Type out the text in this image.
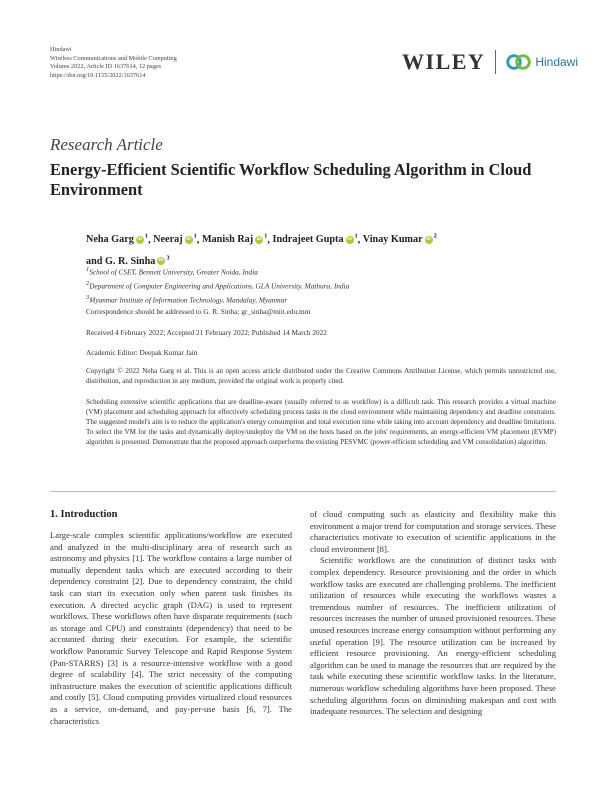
Hindawi
Wireless Communications and Mobile Computing
Volume 2022, Article ID 1637614, 12 pages
https://doi.org/10.1155/2022/1637614
WILEY	Hindawi
Research Article
Energy-Efficient Scientific Workflow Scheduling Algorithm in Cloud Environment
Neha Garg iD $^1$, Neeraj iD $^1$, Manish Raj iD $^1$, Indrajeet Gupta iD $^1$, Vinay Kumar iD $^2$
and G. R. Sinha iD $^3$
$^1$School of CSET, Bennett University, Greater Noida, India
$^2$Department of Computer Engineering and Applications, GLA University, Mathura, India
$^3$Myanmar Institute of Information Technology, Mandalay, Myanmar
Correspondence should be addressed to G. R. Sinha; gr_sinha@miit.edu.mm
Received 4 February 2022; Accepted 21 February 2022; Published 14 March 2022
Academic Editor: Deepak Kumar Jain
Copyright © 2022 Neha Garg et al. This is an open access article distributed under the Creative Commons Attribution License, which permits unrestricted use, distribution, and reproduction in any medium, provided the original work is properly cited.
Scheduling extensive scientific applications that are deadline-aware (usually referred to as workflow) is a difficult task. This research provides a virtual machine (VM) placement and scheduling approach for effectively scheduling process tasks in the cloud environment while maintaining dependency and deadline constraints. The suggested model's aim is to reduce the application's energy consumption and total execution time while taking into account dependency and deadline limitations. To select the VM for the tasks and dynamically deploy/undeploy the VM on the hosts based on the jobs' requirements, an energy-efficient VM placement (EVMP) algorithm is presented. Demonstrate that the proposed approach outperforms the existing PESVMC (power-efficient scheduling and VM consolidation) algorithm.
1. Introduction

Large-scale complex scientific applications/workflow are executed and analyzed in the multi-disciplinary area of research such as astronomy and physics [1]. The workflow contains a large number of mutually dependent tasks which are executed according to their dependency constraint [2]. Due to dependency constraint, the child task can start its execution only when parent task finishes its execution. A directed acyclic graph (DAG) is used to represent workflows. These workflows often have disparate requirements (such as storage and CPU) and constraints (dependency) that need to be accounted during their execution. For example, the scientific workflow Panoramic Survey Telescope and Rapid Response System (Pan-STARRS) [3] is a resource-intensive workflow with a good degree of scalability [4]. The strict necessity of the computing infrastructure makes the execution of scientific applications difficult and costly [5]. Cloud computing provides virtualized cloud resources as a service, on-demand, and pay-per-use basis [6, 7]. The characteristics

of cloud computing such as elasticity and flexibility make this environment a major trend for computation and storage services. These characteristics motivate to execution of scientific applications in the cloud environment [8].

Scientific workflows are the constitution of distinct tasks with complex dependency. Resource provisioning and the order in which workflow tasks are executed are challenging problems. The inefficient utilization of resources while executing the workflows wastes a tremendous number of resources. The inefficient utilization of resources increases the number of unused provisioned resources. These unused resources increase energy consumption without performing any useful operation [9]. The resource utilization can be increased by efficient resource provisioning. An energy-efficient scheduling algorithm can be used to manage the resources that are required by the task while executing these scientific workflow tasks. In the literature, numerous workflow scheduling algorithms have been proposed. These scheduling algorithms focus on diminishing makespan and cost with inadequate resources. The selection and designing
